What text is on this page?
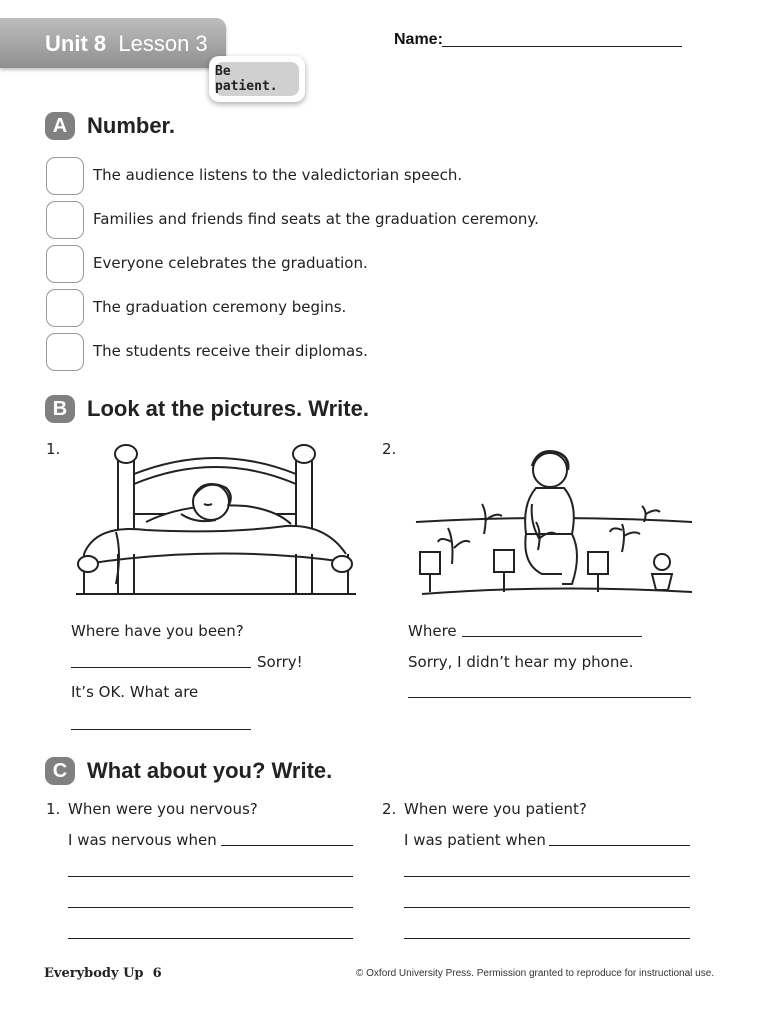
Unit 8 Lesson 3	Name:
Be patient.
A Number.
The audience listens to the valedictorian speech.
Families and friends find seats at the graduation ceremony.
Everyone celebrates the graduation.
The graduation ceremony begins.
The students receive their diplomas.
B Look at the pictures. Write.
1.	2.
Where have you been?
Sorry!
It’s OK. What are
Where
Sorry, I didn’t hear my phone.
C What about you? Write.
1. When were you nervous?
I was nervous when
2. When were you patient?
I was patient when
Everybody Up 6	© Oxford University Press. Permission granted to reproduce for instructional use.
